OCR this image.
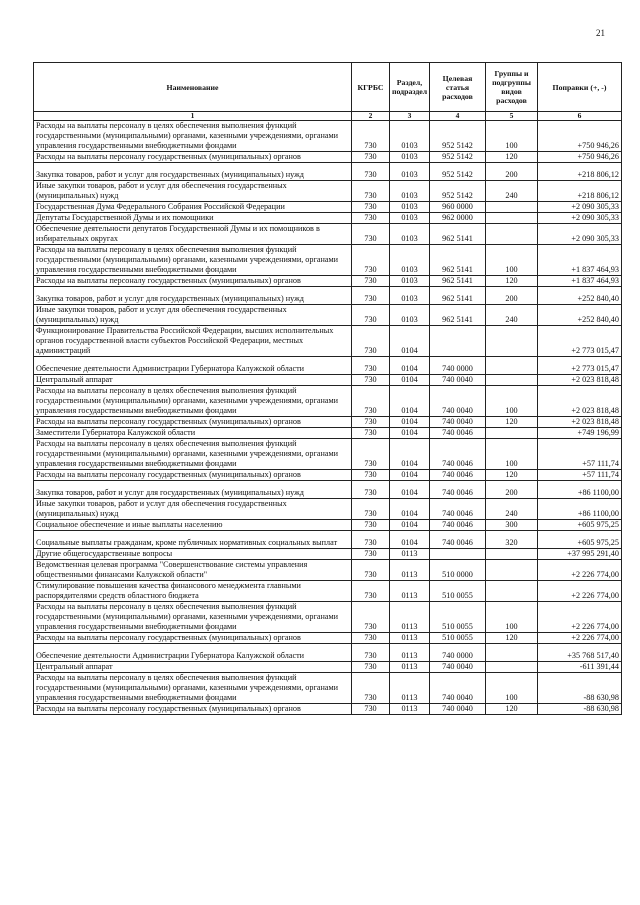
21
Наименование	КГРБС	Раздел, подраздел	Целевая статья расходов	Группы и подгруппы видов расходов	Поправки (+, -)
1	2	3	4	5	6
Расходы на выплаты персоналу в целях обеспечения выполнения функций государственными (муниципальными) органами, казенными учреждениями, органами управления государственными внебюджетными фондами	730	0103	952 5142	100	+750 946,26
Расходы на выплаты персоналу государственных (муниципальных) органов	730	0103	952 5142	120	+750 946,26
Закупка товаров, работ и услуг для государственных (муниципальных) нужд	730	0103	952 5142	200	+218 806,12
Иные закупки товаров, работ и услуг для обеспечения государственных (муниципальных) нужд	730	0103	952 5142	240	+218 806,12
Государственная Дума Федерального Собрания Российской Федерации	730	0103	960 0000		+2 090 305,33
Депутаты Государственной Думы и их помощники	730	0103	962 0000		+2 090 305,33
Обеспечение деятельности депутатов Государственной Думы и их помощников в избирательных округах	730	0103	962 5141		+2 090 305,33
Расходы на выплаты персоналу в целях обеспечения выполнения функций государственными (муниципальными) органами, казенными учреждениями, органами управления государственными внебюджетными фондами	730	0103	962 5141	100	+1 837 464,93
Расходы на выплаты персоналу государственных (муниципальных) органов	730	0103	962 5141	120	+1 837 464,93
Закупка товаров, работ и услуг для государственных (муниципальных) нужд	730	0103	962 5141	200	+252 840,40
Иные закупки товаров, работ и услуг для обеспечения государственных (муниципальных) нужд	730	0103	962 5141	240	+252 840,40
Функционирование Правительства Российской Федерации, высших исполнительных органов государственной власти субъектов Российской Федерации, местных администраций	730	0104			+2 773 015,47
Обеспечение деятельности Администрации Губернатора Калужской области	730	0104	740 0000		+2 773 015,47
Центральный аппарат	730	0104	740 0040		+2 023 818,48
Расходы на выплаты персоналу в целях обеспечения выполнения функций государственными (муниципальными) органами, казенными учреждениями, органами управления государственными внебюджетными фондами	730	0104	740 0040	100	+2 023 818,48
Расходы на выплаты персоналу государственных (муниципальных) органов	730	0104	740 0040	120	+2 023 818,48
Заместители Губернатора Калужской области	730	0104	740 0046		+749 196,99
Расходы на выплаты персоналу в целях обеспечения выполнения функций государственными (муниципальными) органами, казенными учреждениями, органами управления государственными внебюджетными фондами	730	0104	740 0046	100	+57 111,74
Расходы на выплаты персоналу государственных (муниципальных) органов	730	0104	740 0046	120	+57 111,74
Закупка товаров, работ и услуг для государственных (муниципальных) нужд	730	0104	740 0046	200	+86 1100,00
Иные закупки товаров, работ и услуг для обеспечения государственных (муниципальных) нужд	730	0104	740 0046	240	+86 1100,00
Социальное обеспечение и иные выплаты населению	730	0104	740 0046	300	+605 975,25
Социальные выплаты гражданам, кроме публичных нормативных социальных выплат	730	0104	740 0046	320	+605 975,25
Другие общегосударственные вопросы	730	0113			+37 995 291,40
Ведомственная целевая программа "Совершенствование системы управления общественными финансами Калужской области"	730	0113	510 0000		+2 226 774,00
Стимулирование повышения качества финансового менеджмента главными распорядителями средств областного бюджета	730	0113	510 0055		+2 226 774,00
Расходы на выплаты персоналу в целях обеспечения выполнения функций государственными (муниципальными) органами, казенными учреждениями, органами управления государственными внебюджетными фондами	730	0113	510 0055	100	+2 226 774,00
Расходы на выплаты персоналу государственных (муниципальных) органов	730	0113	510 0055	120	+2 226 774,00
Обеспечение деятельности Администрации Губернатора Калужской области	730	0113	740 0000		+35 768 517,40
Центральный аппарат	730	0113	740 0040		-611 391,44
Расходы на выплаты персоналу в целях обеспечения выполнения функций государственными (муниципальными) органами, казенными учреждениями, органами управления государственными внебюджетными фондами	730	0113	740 0040	100	-88 630,98
Расходы на выплаты персоналу государственных (муниципальных) органов	730	0113	740 0040	120	-88 630,98
